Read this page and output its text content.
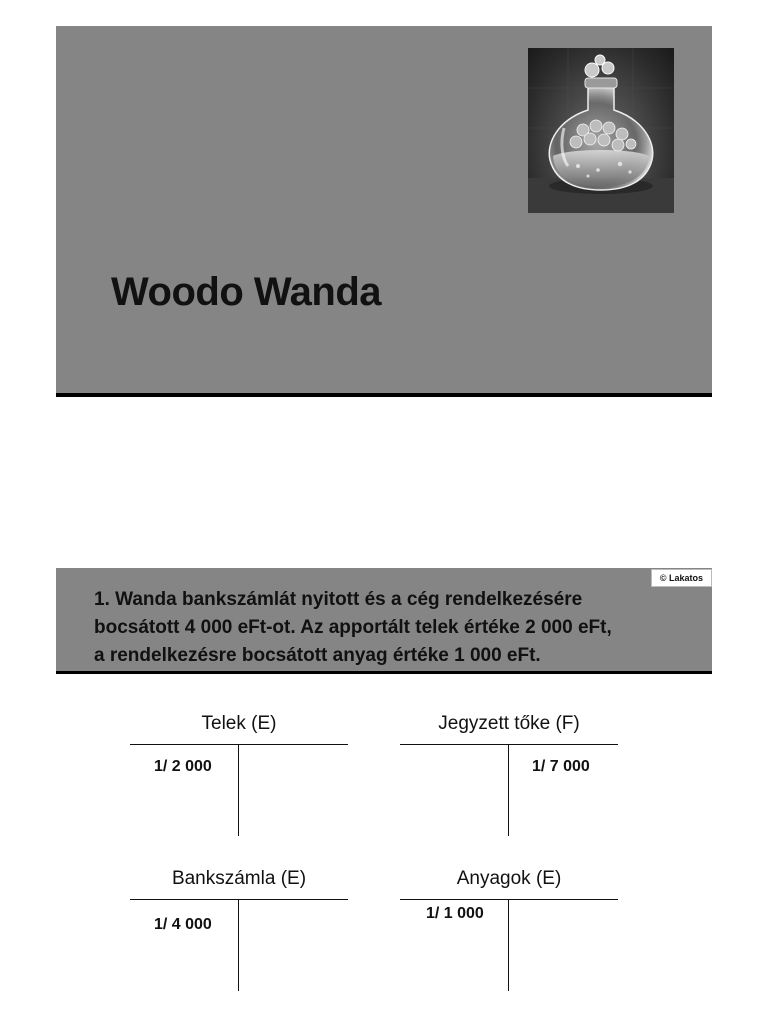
Woodo Wanda
© Lakatos
1. Wanda bankszámlát nyitott és a cég rendelkezésére
bocsátott 4 000 eFt-ot. Az apportált telek értéke 2 000 eFt,
a rendelkezésre bocsátott anyag értéke 1 000 eFt.
Telek (E)
1/ 2 000
Jegyzett tőke (F)
1/ 7 000
Bankszámla (E)
1/ 4 000
Anyagok (E)
1/ 1 000
